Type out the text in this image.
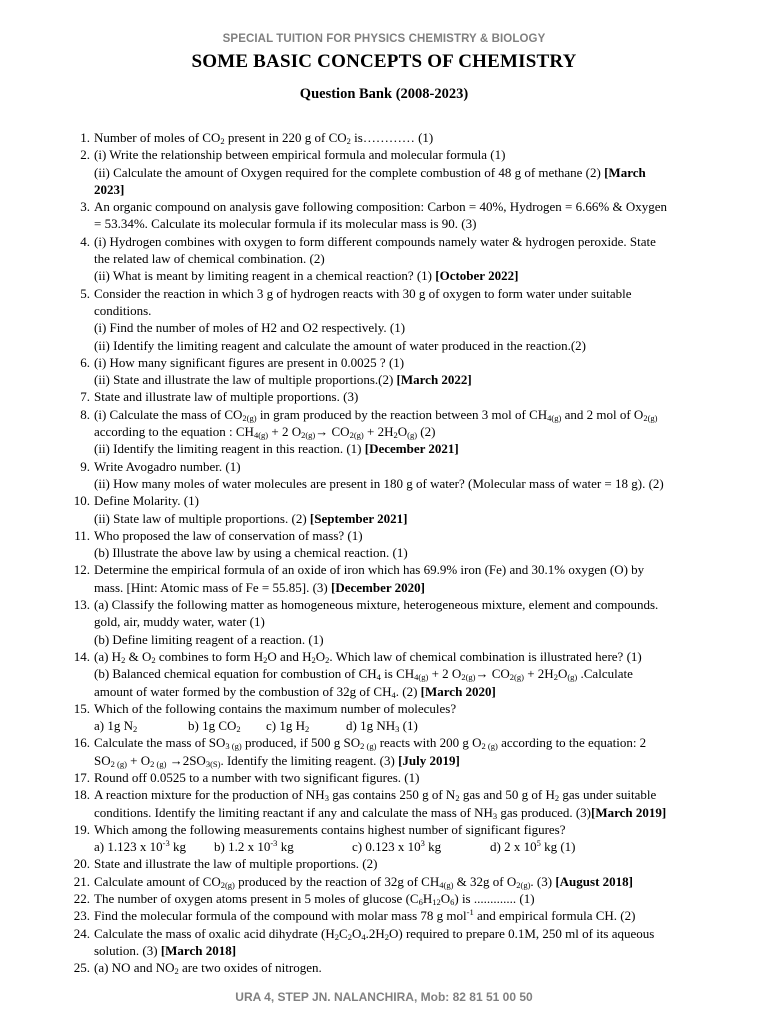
SPECIAL TUITION FOR PHYSICS CHEMISTRY & BIOLOGY
SOME BASIC CONCEPTS OF CHEMISTRY
Question Bank (2008-2023)
1. Number of moles of $CO_2$ present in 220 g of $CO_2$ is………… (1)
2. (i) Write the relationship between empirical formula and molecular formula (1)
(ii) Calculate the amount of Oxygen required for the complete combustion of 48 g of methane (2) [March
2023]
3. An organic compound on analysis gave following composition: Carbon = 40%, Hydrogen = 6.66% & Oxygen
= 53.34%. Calculate its molecular formula if its molecular mass is 90. (3)
4. (i) Hydrogen combines with oxygen to form different compounds namely water & hydrogen peroxide. State
the related law of chemical combination. (2)
(ii) What is meant by limiting reagent in a chemical reaction? (1) [October 2022]
5. Consider the reaction in which 3 g of hydrogen reacts with 30 g of oxygen to form water under suitable
conditions.
(i) Find the number of moles of H2 and O2 respectively. (1)
(ii) Identify the limiting reagent and calculate the amount of water produced in the reaction.(2)
6. (i) How many significant figures are present in 0.0025 ? (1)
(ii) State and illustrate the law of multiple proportions.(2) [March 2022]
7. State and illustrate law of multiple proportions. (3)
8. (i) Calculate the mass of $CO_{2(g)}$ in gram produced by the reaction between 3 mol of $CH_{4(g)}$ and 2 mol of $O_{2(g)}$
according to the equation : $CH_{4(g)} + 2$ $O_{2(g)}\to CO_{2(g)} + 2H_2O_{(g)}$ (2)
(ii) Identify the limiting reagent in this reaction. (1) [December 2021]
9. Write Avogadro number. (1)
(ii) How many moles of water molecules are present in 180 g of water? (Molecular mass of water = 18 g). (2)
10. Define Molarity. (1)
(ii) State law of multiple proportions. (2) [September 2021]
11. Who proposed the law of conservation of mass? (1)
(b) Illustrate the above law by using a chemical reaction. (1)
12. Determine the empirical formula of an oxide of iron which has 69.9% iron (Fe) and 30.1% oxygen (O) by
mass. [Hint: Atomic mass of Fe = 55.85]. (3) [December 2020]
13. (a) Classify the following matter as homogeneous mixture, heterogeneous mixture, element and compounds.
gold, air, muddy water, water (1)
(b) Define limiting reagent of a reaction. (1)
14. (a) $H_2$ & $O_2$ combines to form $H_2O$ and $H_2O_2$. Which law of chemical combination is illustrated here? (1)
(b) Balanced chemical equation for combustion of $CH_4$ is $CH_{4(g)} + 2$ $O_{2(g)}\to CO_{2(g)} + 2H_2O_{(g)}$ .Calculate
amount of water formed by the combustion of 32g of $CH_4$. (2) [March 2020]
15. Which of the following contains the maximum number of molecules?
a) 1g $N_2$	b) 1g $CO_2$ c) 1g $H_2$	d) 1g $NH_3$ (1)
16. Calculate the mass of $SO_{3 (g)}$ produced, if 500 g $SO_{2 (g)}$ reacts with 200 g $O_{2 (g)}$ according to the equation: 2
$SO_{2 (g)} + O_{2 (g)} \to 2SO_{3(S)}$. Identify the limiting reagent. (3) [July 2019]
17. Round off 0.0525 to a number with two significant figures. (1)
18. A reaction mixture for the production of $NH_3$ gas contains 250 g of $N_2$ gas and 50 g of $H_2$ gas under suitable
conditions. Identify the limiting reactant if any and calculate the mass of $NH_3$ gas produced. (3)[March 2019]
19. Which among the following measurements contains highest number of significant figures?
a) 1.123 x $10^{-3}$ kg b) 1.2 x $10^{-3}$ kg	c) 0.123 x $10^3$ kg	d) 2 x $10^5$ kg (1)
20. State and illustrate the law of multiple proportions. (2)
21. Calculate amount of $CO_{2(g)}$ produced by the reaction of 32g of $CH_{4(g)}$ & 32g of $O_{2(g)}$. (3) [August 2018]
22. The number of oxygen atoms present in 5 moles of glucose $(C_6H_{12}O_6)$ is ............. (1)
23. Find the molecular formula of the compound with molar mass 78 g mol$^{-1}$ and empirical formula CH. (2)
24. Calculate the mass of oxalic acid dihydrate $(H_2C_2O_4.2H_2O)$ required to prepare 0.1M, 250 ml of its aqueous
solution. (3) [March 2018]
25. (a) NO and $NO_2$ are two oxides of nitrogen.
URA 4, STEP JN. NALANCHIRA, Mob: 82 81 51 00 50
